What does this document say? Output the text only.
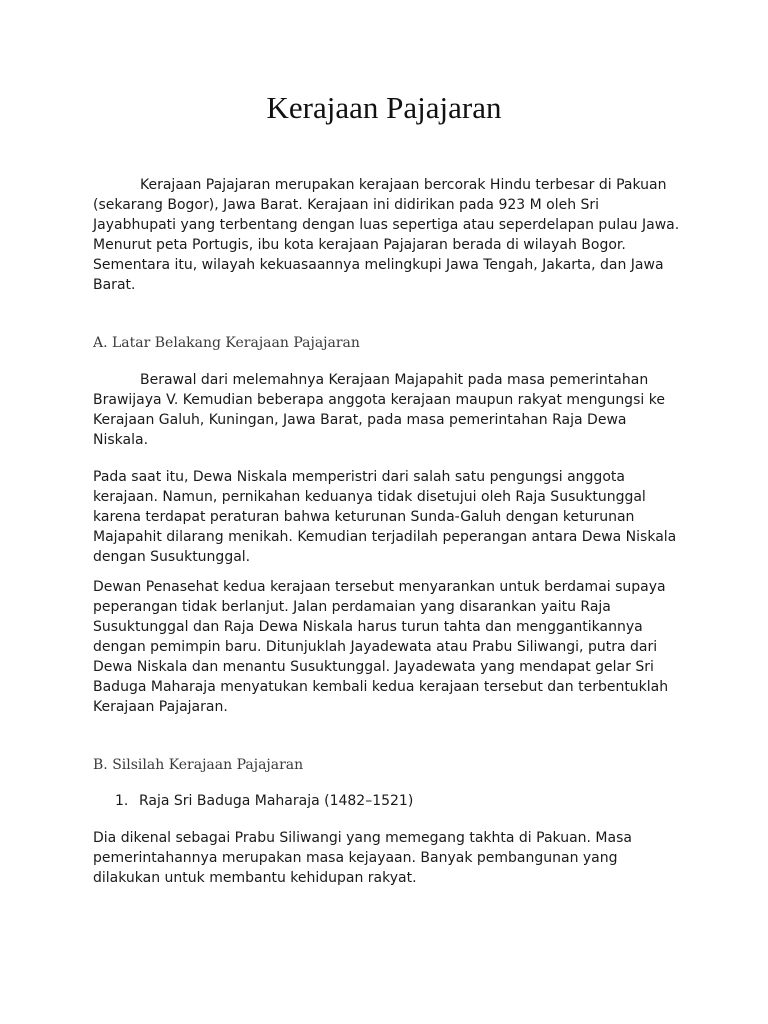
Kerajaan Pajajaran

Kerajaan Pajajaran merupakan kerajaan bercorak Hindu terbesar di Pakuan (sekarang Bogor), Jawa Barat. Kerajaan ini didirikan pada 923 M oleh Sri Jayabhupati yang terbentang dengan luas sepertiga atau seperdelapan pulau Jawa. Menurut peta Portugis, ibu kota kerajaan Pajajaran berada di wilayah Bogor. Sementara itu, wilayah kekuasaannya melingkupi Jawa Tengah, Jakarta, dan Jawa Barat.

A. Latar Belakang Kerajaan Pajajaran

Berawal dari melemahnya Kerajaan Majapahit pada masa pemerintahan Brawijaya V. Kemudian beberapa anggota kerajaan maupun rakyat mengungsi ke Kerajaan Galuh, Kuningan, Jawa Barat, pada masa pemerintahan Raja Dewa Niskala.

Pada saat itu, Dewa Niskala memperistri dari salah satu pengungsi anggota kerajaan. Namun, pernikahan keduanya tidak disetujui oleh Raja Susuktunggal karena terdapat peraturan bahwa keturunan Sunda-Galuh dengan keturunan Majapahit dilarang menikah. Kemudian terjadilah peperangan antara Dewa Niskala dengan Susuktunggal.

Dewan Penasehat kedua kerajaan tersebut menyarankan untuk berdamai supaya peperangan tidak berlanjut. Jalan perdamaian yang disarankan yaitu Raja Susuktunggal dan Raja Dewa Niskala harus turun tahta dan menggantikannya dengan pemimpin baru. Ditunjuklah Jayadewata atau Prabu Siliwangi, putra dari Dewa Niskala dan menantu Susuktunggal. Jayadewata yang mendapat gelar Sri Baduga Maharaja menyatukan kembali kedua kerajaan tersebut dan terbentuklah Kerajaan Pajajaran.

B. Silsilah Kerajaan Pajajaran

1. Raja Sri Baduga Maharaja (1482–1521)

Dia dikenal sebagai Prabu Siliwangi yang memegang takhta di Pakuan. Masa pemerintahannya merupakan masa kejayaan. Banyak pembangunan yang dilakukan untuk membantu kehidupan rakyat.
